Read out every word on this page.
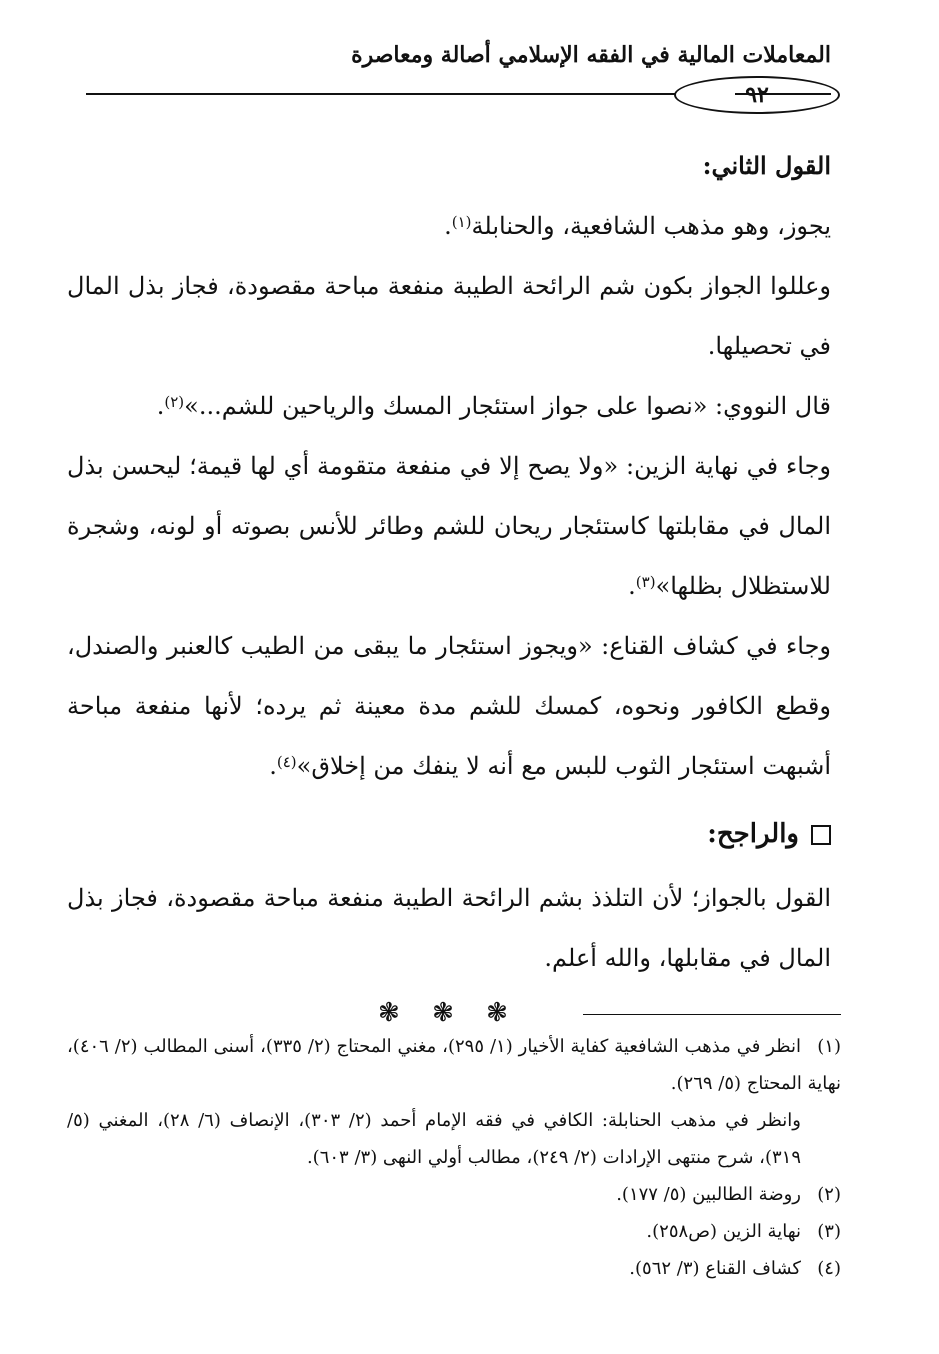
المعاملات المالية في الفقه الإسلامي أصالة ومعاصرة
٩٢

القول الثاني:

يجوز، وهو مذهب الشافعية، والحنابلة$^{(١)}$.

وعللوا الجواز بكون شم الرائحة الطيبة منفعة مباحة مقصودة، فجاز بذل المال في تحصيلها.

قال النووي: «نصوا على جواز استئجار المسك والرياحين للشم...»$^{(٢)}$.

وجاء في نهاية الزين: «ولا يصح إلا في منفعة متقومة أي لها قيمة؛ ليحسن بذل المال في مقابلتها كاستئجار ريحان للشم وطائر للأنس بصوته أو لونه، وشجرة للاستظلال بظلها»$^{(٣)}$.

وجاء في كشاف القناع: «ويجوز استئجار ما يبقى من الطيب كالعنبر والصندل، وقطع الكافور ونحوه، كمسك للشم مدة معينة ثم يرده؛ لأنها منفعة مباحة أشبهت استئجار الثوب للبس مع أنه لا ينفك من إخلاق»$^{(٤)}$.

والراجح:

القول بالجواز؛ لأن التلذذ بشم الرائحة الطيبة منفعة مباحة مقصودة، فجاز بذل المال في مقابلها، والله أعلم.

❃ ❃ ❃

(١)انظر في مذهب الشافعية كفاية الأخيار (١/ ٢٩٥)، مغني المحتاج (٢/ ٣٣٥)، أسنى المطالب (٢/ ٤٠٦)، نهاية المحتاج (٥/ ٢٦٩).

وانظر في مذهب الحنابلة: الكافي في فقه الإمام أحمد (٢/ ٣٠٣)، الإنصاف (٦/ ٢٨)، المغني (٥/ ٣١٩)، شرح منتهى الإرادات (٢/ ٢٤٩)، مطالب أولي النهى (٣/ ٦٠٣).

(٢)روضة الطالبين (٥/ ١٧٧).

(٣)نهاية الزين (ص٢٥٨).

(٤)كشاف القناع (٣/ ٥٦٢).
